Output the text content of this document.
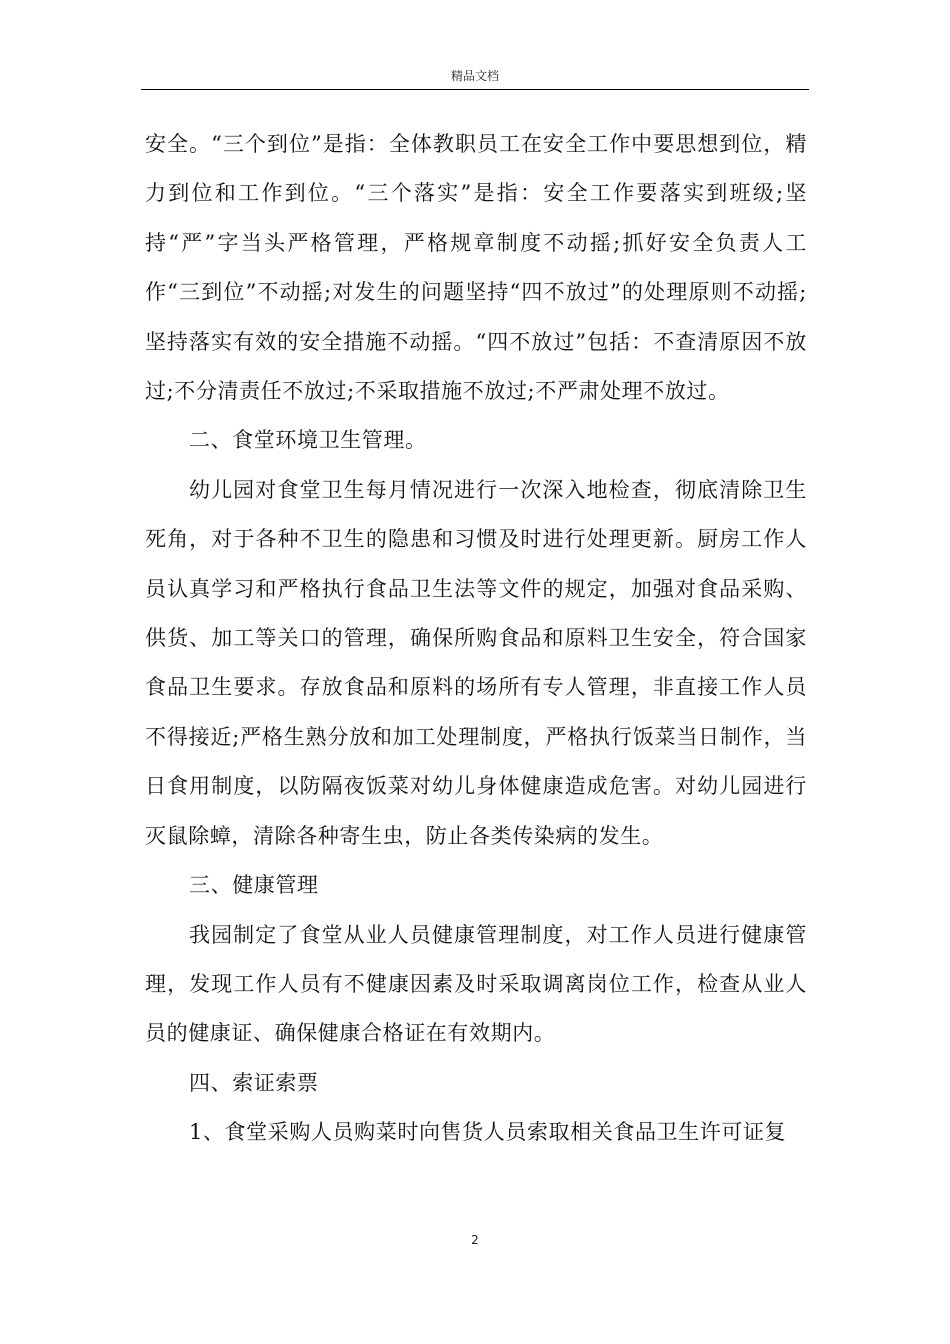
精品文档

安全。“三个到位”是指：全体教职员工在安全工作中要思想到位，精力到位和工作到位。“三个落实”是指：安全工作要落实到班级;坚持“严”字当头严格管理，严格规章制度不动摇;抓好安全负责人工作“三到位”不动摇;对发生的问题坚持“四不放过”的处理原则不动摇;坚持落实有效的安全措施不动摇。“四不放过”包括：不查清原因不放过;不分清责任不放过;不采取措施不放过;不严肃处理不放过。

二、食堂环境卫生管理。

幼儿园对食堂卫生每月情况进行一次深入地检查，彻底清除卫生死角，对于各种不卫生的隐患和习惯及时进行处理更新。厨房工作人员认真学习和严格执行食品卫生法等文件的规定，加强对食品采购、供货、加工等关口的管理，确保所购食品和原料卫生安全，符合国家食品卫生要求。存放食品和原料的场所有专人管理，非直接工作人员不得接近;严格生熟分放和加工处理制度，严格执行饭菜当日制作，当日食用制度，以防隔夜饭菜对幼儿身体健康造成危害。对幼儿园进行灭鼠除蟑，清除各种寄生虫，防止各类传染病的发生。

三、健康管理

我园制定了食堂从业人员健康管理制度，对工作人员进行健康管理，发现工作人员有不健康因素及时采取调离岗位工作，检查从业人员的健康证、确保健康合格证在有效期内。

四、索证索票

1、食堂采购人员购菜时向售货人员索取相关食品卫生许可证复

2
